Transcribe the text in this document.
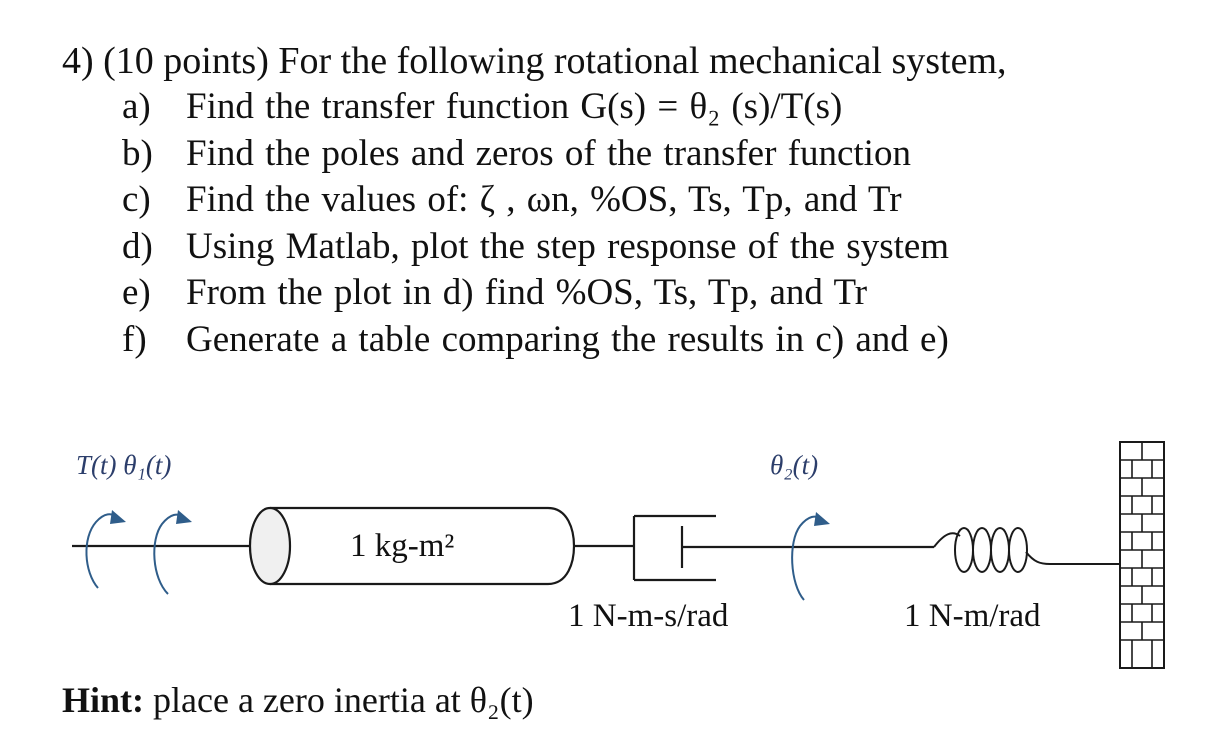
4) (10 points) For the following rotational mechanical system,
a) Find the transfer function G(s) = θ₂ (s)/T(s)
b) Find the poles and zeros of the transfer function
c) Find the values of: ζ , ωn, %OS, Ts, Tp, and Tr
d) Using Matlab, plot the step response of the system
e) From the plot in d) find %OS, Ts, Tp, and Tr
f) Generate a table comparing the results in c) and e)
T(t) θ₁(t)	θ₂(t)
1 kg-m²
1 N-m-s/rad	1 N-m/rad
Hint: place a zero inertia at θ₂(t)
